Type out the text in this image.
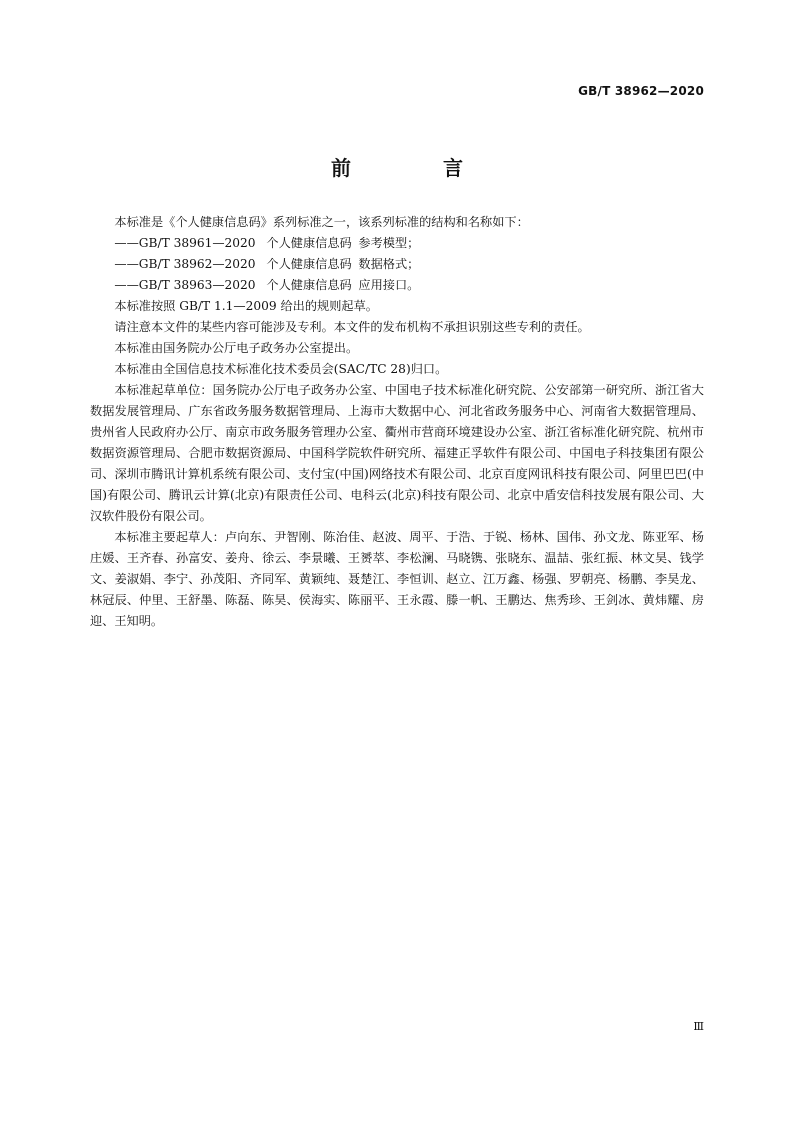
GB/T 38962—2020
前　言

本标准是《个人健康信息码》系列标准之一，该系列标准的结构和名称如下：

——GB/T 38961—2020 个人健康信息码 参考模型；

——GB/T 38962—2020 个人健康信息码 数据格式；

——GB/T 38963—2020 个人健康信息码 应用接口。

本标准按照 GB/T 1.1—2009 给出的规则起草。

请注意本文件的某些内容可能涉及专利。本文件的发布机构不承担识别这些专利的责任。

本标准由国务院办公厅电子政务办公室提出。

本标准由全国信息技术标准化技术委员会(SAC/TC 28)归口。

本标准起草单位：国务院办公厅电子政务办公室、中国电子技术标准化研究院、公安部第一研究所、浙江省大数据发展管理局、广东省政务服务数据管理局、上海市大数据中心、河北省政务服务中心、河南省大数据管理局、贵州省人民政府办公厅、南京市政务服务管理办公室、衢州市营商环境建设办公室、浙江省标准化研究院、杭州市数据资源管理局、合肥市数据资源局、中国科学院软件研究所、福建正孚软件有限公司、中国电子科技集团有限公司、深圳市腾讯计算机系统有限公司、支付宝(中国)网络技术有限公司、北京百度网讯科技有限公司、阿里巴巴(中国)有限公司、腾讯云计算(北京)有限责任公司、电科云(北京)科技有限公司、北京中盾安信科技发展有限公司、大汉软件股份有限公司。

本标准主要起草人：卢向东、尹智刚、陈治佳、赵波、周平、于浩、于锐、杨林、国伟、孙文龙、陈亚军、杨庄媛、王齐春、孙富安、姜舟、徐云、李景曦、王赟萃、李松澜、马晓镌、张晓东、温喆、张红振、林文昊、钱学文、姜淑娟、李宁、孙茂阳、齐同军、黄颖纯、聂楚江、李恒训、赵立、江万鑫、杨强、罗朝亮、杨鹏、李昊龙、林冠辰、仲里、王舒墨、陈磊、陈昊、侯海实、陈丽平、王永霞、滕一帆、王鹏达、焦秀珍、王剑冰、黄炜耀、房迎、王知明。

Ⅲ
